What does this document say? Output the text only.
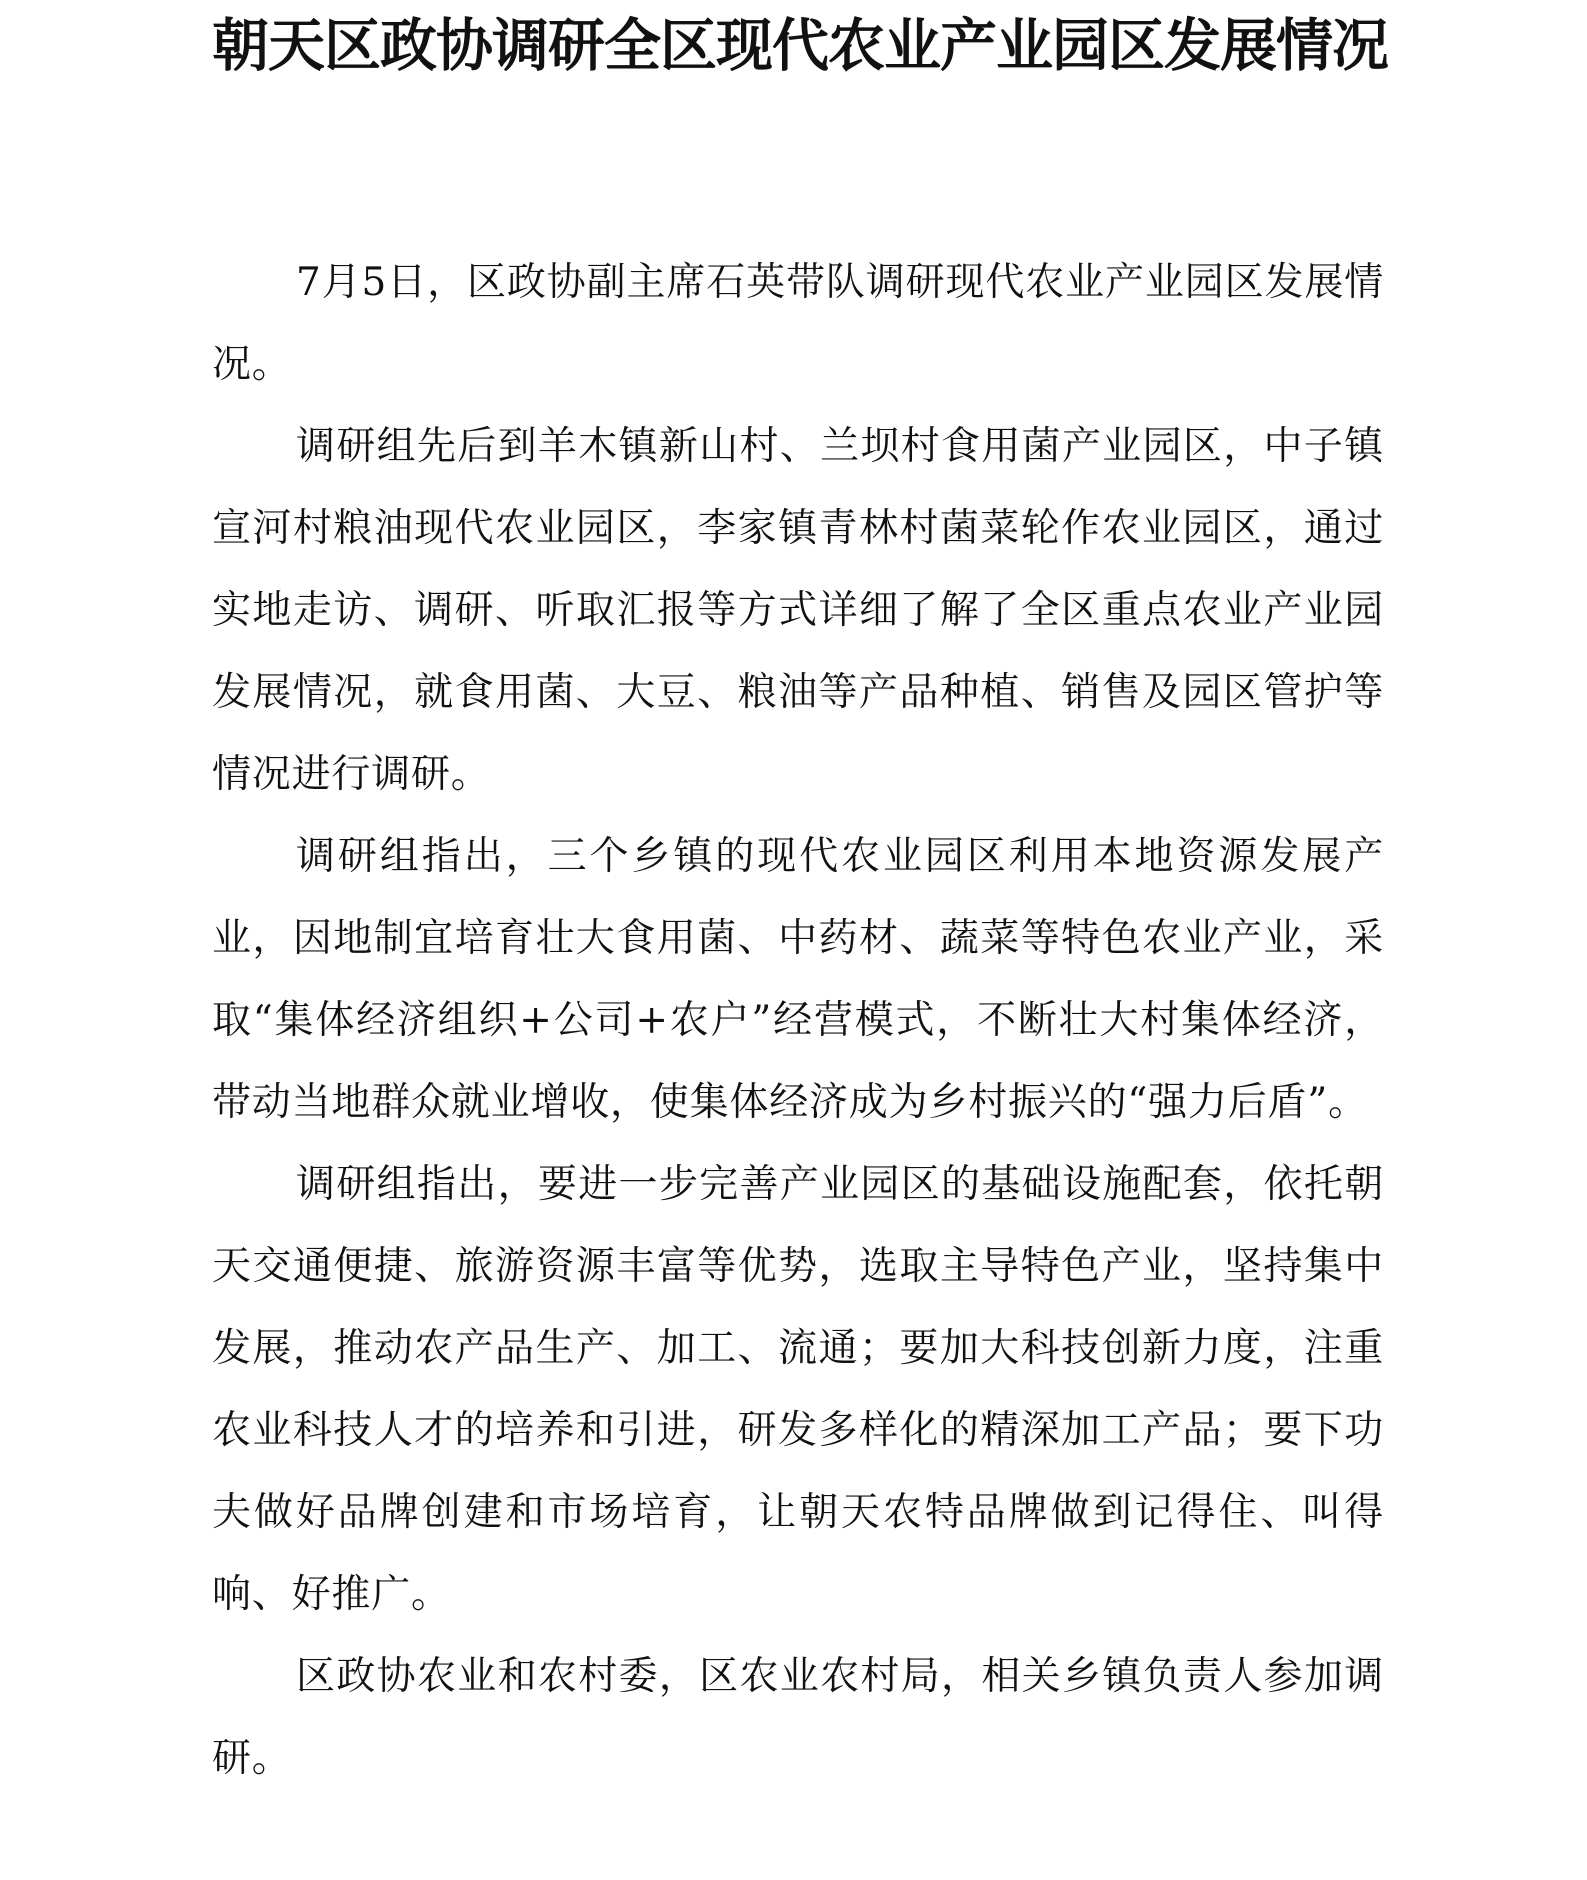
朝天区政协调研全区现代农业产业园区发展情况

7月5日，区政协副主席石英带队调研现代农业产业园区发展情况。

调研组先后到羊木镇新山村、兰坝村食用菌产业园区，中子镇宣河村粮油现代农业园区，李家镇青林村菌菜轮作农业园区，通过实地走访、调研、听取汇报等方式详细了解了全区重点农业产业园发展情况，就食用菌、大豆、粮油等产品种植、销售及园区管护等情况进行调研。

调研组指出，三个乡镇的现代农业园区利用本地资源发展产业，因地制宜培育壮大食用菌、中药材、蔬菜等特色农业产业，采取“集体经济组织+公司+农户”经营模式，不断壮大村集体经济，带动当地群众就业增收，使集体经济成为乡村振兴的“强力后盾”。

调研组指出，要进一步完善产业园区的基础设施配套，依托朝天交通便捷、旅游资源丰富等优势，选取主导特色产业，坚持集中发展，推动农产品生产、加工、流通；要加大科技创新力度，注重农业科技人才的培养和引进，研发多样化的精深加工产品；要下功夫做好品牌创建和市场培育，让朝天农特品牌做到记得住、叫得响、好推广。

区政协农业和农村委，区农业农村局，相关乡镇负责人参加调研。
